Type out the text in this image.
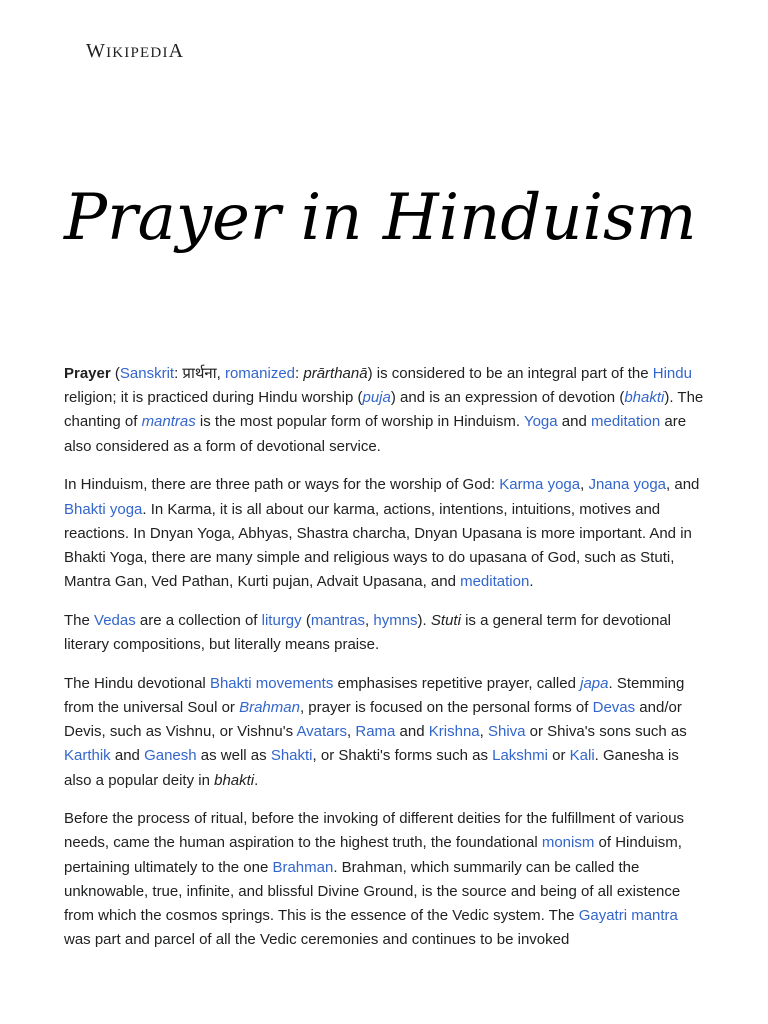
WIKIPEDIA
Prayer in Hinduism

Prayer (Sanskrit: प्रार्थना, romanized: prārthanā) is considered to be an integral part of the Hindu religion; it is practiced during Hindu worship (puja) and is an expression of devotion (bhakti). The chanting of mantras is the most popular form of worship in Hinduism. Yoga and meditation are also considered as a form of devotional service.

In Hinduism, there are three path or ways for the worship of God: Karma yoga, Jnana yoga, and Bhakti yoga. In Karma, it is all about our karma, actions, intentions, intuitions, motives and reactions. In Dnyan Yoga, Abhyas, Shastra charcha, Dnyan Upasana is more important. And in Bhakti Yoga, there are many simple and religious ways to do upasana of God, such as Stuti, Mantra Gan, Ved Pathan, Kurti pujan, Advait Upasana, and meditation.

The Vedas are a collection of liturgy (mantras, hymns). Stuti is a general term for devotional literary compositions, but literally means praise.

The Hindu devotional Bhakti movements emphasises repetitive prayer, called japa. Stemming from the universal Soul or Brahman, prayer is focused on the personal forms of Devas and/or Devis, such as Vishnu, or Vishnu's Avatars, Rama and Krishna, Shiva or Shiva's sons such as Karthik and Ganesh as well as Shakti, or Shakti's forms such as Lakshmi or Kali. Ganesha is also a popular deity in bhakti.

Before the process of ritual, before the invoking of different deities for the fulfillment of various needs, came the human aspiration to the highest truth, the foundational monism of Hinduism, pertaining ultimately to the one Brahman. Brahman, which summarily can be called the unknowable, true, infinite, and blissful Divine Ground, is the source and being of all existence from which the cosmos springs. This is the essence of the Vedic system. The Gayatri mantra was part and parcel of all the Vedic ceremonies and continues to be invoked
